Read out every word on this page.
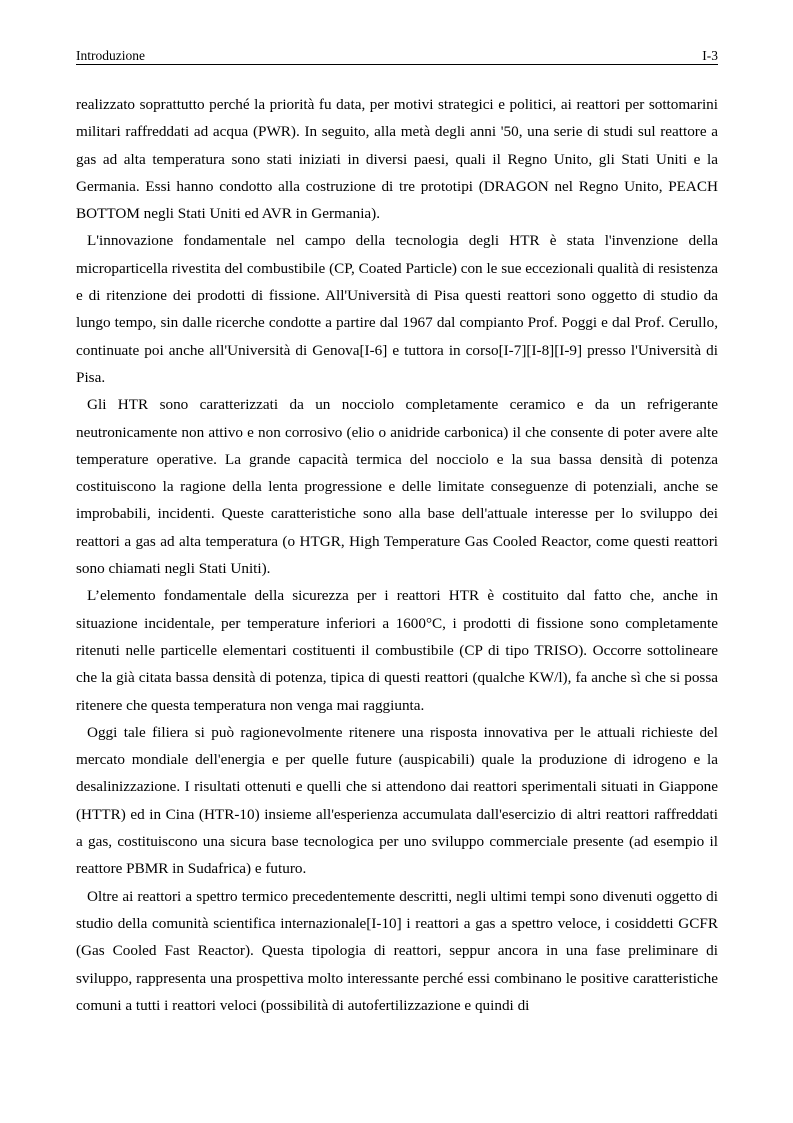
Introduzione	I-3

realizzato soprattutto perché la priorità fu data, per motivi strategici e politici, ai reattori per sottomarini militari raffreddati ad acqua (PWR). In seguito, alla metà degli anni '50, una serie di studi sul reattore a gas ad alta temperatura sono stati iniziati in diversi paesi, quali il Regno Unito, gli Stati Uniti e la Germania. Essi hanno condotto alla costruzione di tre prototipi (DRAGON nel Regno Unito, PEACH BOTTOM negli Stati Uniti ed AVR in Germania).

L'innovazione fondamentale nel campo della tecnologia degli HTR è stata l'invenzione della microparticella rivestita del combustibile (CP, Coated Particle) con le sue eccezionali qualità di resistenza e di ritenzione dei prodotti di fissione. All'Università di Pisa questi reattori sono oggetto di studio da lungo tempo, sin dalle ricerche condotte a partire dal 1967 dal compianto Prof. Poggi e dal Prof. Cerullo, continuate poi anche all'Università di Genova[I-6] e tuttora in corso[I-7][I-8][I-9] presso l'Università di Pisa.

Gli HTR sono caratterizzati da un nocciolo completamente ceramico e da un refrigerante neutronicamente non attivo e non corrosivo (elio o anidride carbonica) il che consente di poter avere alte temperature operative. La grande capacità termica del nocciolo e la sua bassa densità di potenza costituiscono la ragione della lenta progressione e delle limitate conseguenze di potenziali, anche se improbabili, incidenti. Queste caratteristiche sono alla base dell'attuale interesse per lo sviluppo dei reattori a gas ad alta temperatura (o HTGR, High Temperature Gas Cooled Reactor, come questi reattori sono chiamati negli Stati Uniti).

L’elemento fondamentale della sicurezza per i reattori HTR è costituito dal fatto che, anche in situazione incidentale, per temperature inferiori a 1600°C, i prodotti di fissione sono completamente ritenuti nelle particelle elementari costituenti il combustibile (CP di tipo TRISO). Occorre sottolineare che la già citata bassa densità di potenza, tipica di questi reattori (qualche KW/l), fa anche sì che si possa ritenere che questa temperatura non venga mai raggiunta.

Oggi tale filiera si può ragionevolmente ritenere una risposta innovativa per le attuali richieste del mercato mondiale dell'energia e per quelle future (auspicabili) quale la produzione di idrogeno e la desalinizzazione. I risultati ottenuti e quelli che si attendono dai reattori sperimentali situati in Giappone (HTTR) ed in Cina (HTR-10) insieme all'esperienza accumulata dall'esercizio di altri reattori raffreddati a gas, costituiscono una sicura base tecnologica per uno sviluppo commerciale presente (ad esempio il reattore PBMR in Sudafrica) e futuro.

Oltre ai reattori a spettro termico precedentemente descritti, negli ultimi tempi sono divenuti oggetto di studio della comunità scientifica internazionale[I-10] i reattori a gas a spettro veloce, i cosiddetti GCFR (Gas Cooled Fast Reactor). Questa tipologia di reattori, seppur ancora in una fase preliminare di sviluppo, rappresenta una prospettiva molto interessante perché essi combinano le positive caratteristiche comuni a tutti i reattori veloci (possibilità di autofertilizzazione e quindi di
